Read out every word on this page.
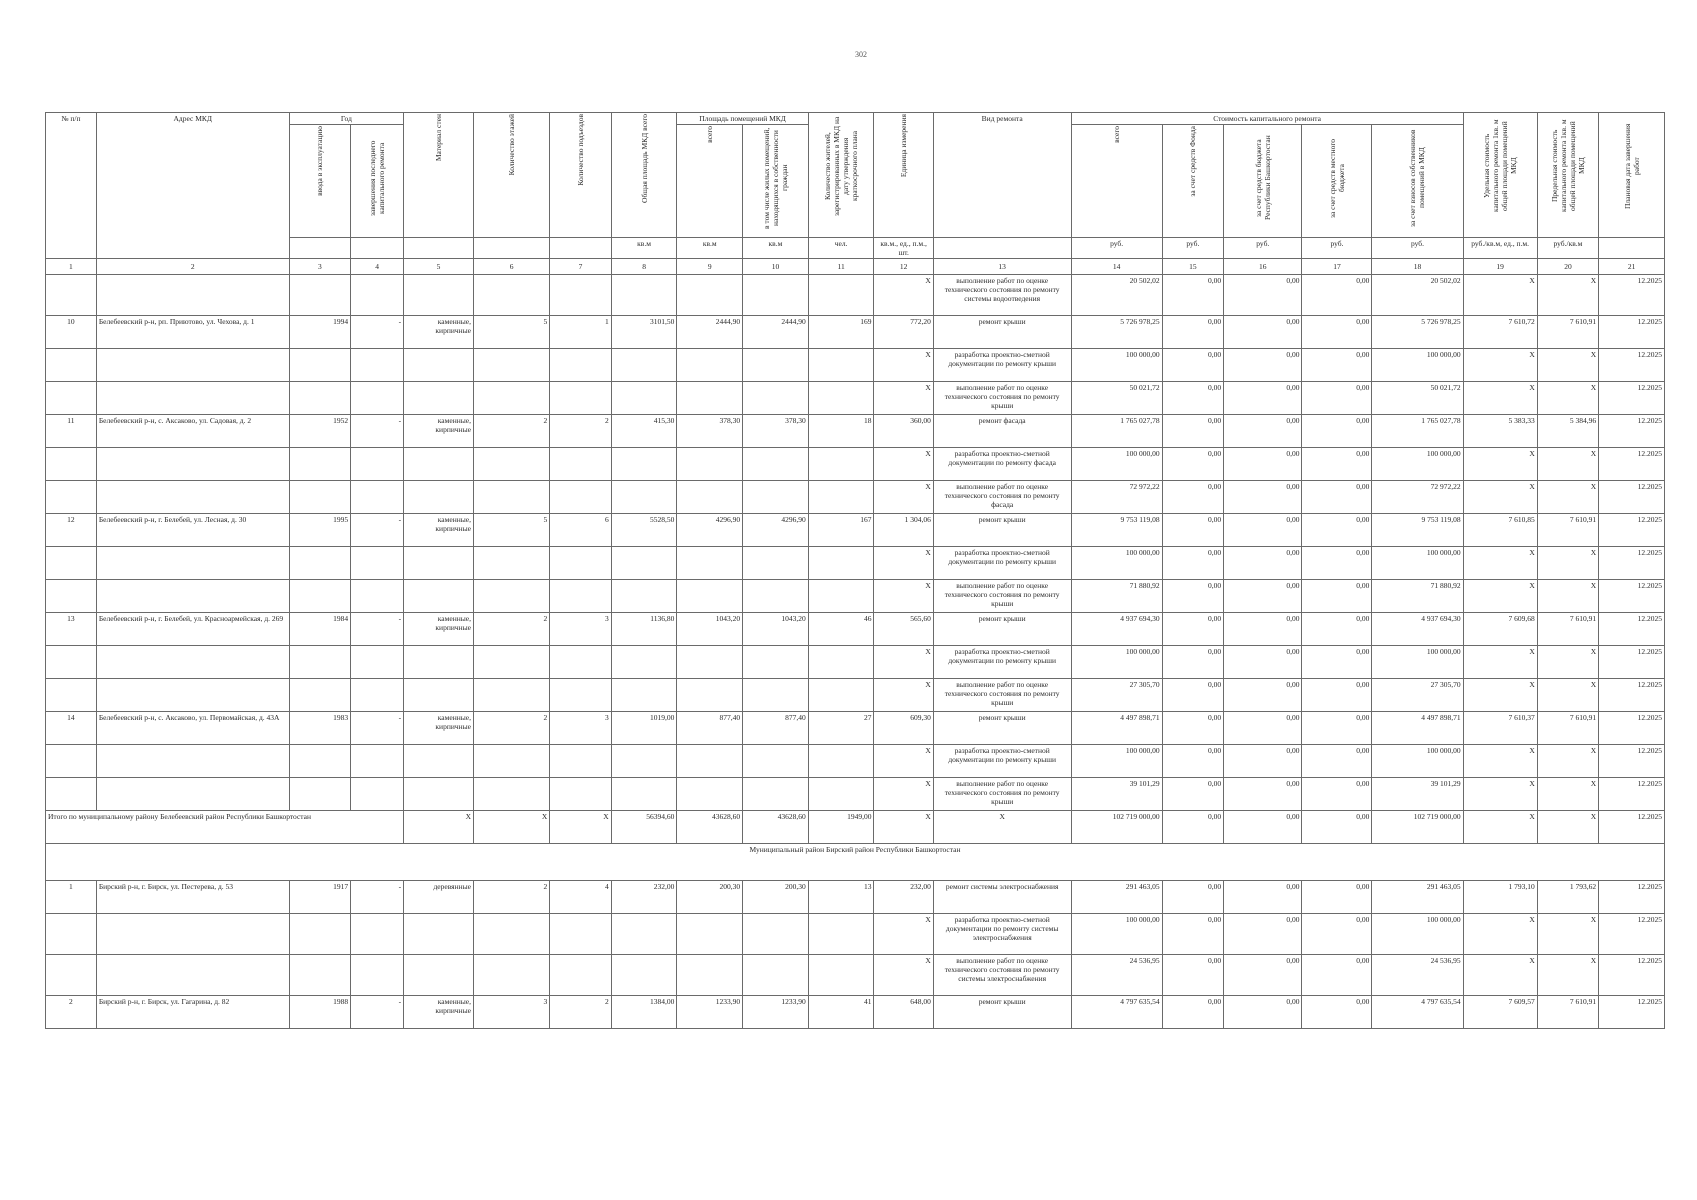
302
№ п/п	Адрес МКД	Год		Материал стен	Количество этажей	Количество подъездов	Общая площадь МКД всего	Площадь помещений МКД		Количество жителей, зарегистрированных в МКД на дату утверждения краткосрочного плана	Единица измерения	Вид ремонта	Стоимость капитального ремонта					Удельная стоимость капитального ремонта 1кв. м общей площади помещений МКД	Предельная стоимость капитального ремонта 1кв. м общей площади помещений МКД	Плановая дата завершения работ
		ввода в эксплуатацию	завершения последнего капитального ремонта					всего	в том числе жилых помещений, находящихся в собственности граждан				всего	за счет средств Фонда	за счет средств бюджета Республики Башкортостан	за счет средств местного бюджета	за счет взносов собственников помещений в МКД			
							кв.м	кв.м	кв.м	чел.	кв.м., ед., п.м., шт.		руб.	руб.	руб.	руб.	руб.	руб./кв.м, ед., п.м.	руб./кв.м	
1	2	3	4	5	6	7	8	9	10	11	12	13	14	15	16	17	18	19	20	21
											X	выполнение работ по оценке технического состояния по ремонту системы водоотведения	20 502,02	0,00	0,00	0,00	20 502,02	X	X	12.2025
10	Белебеевский р-н, рп. Приютово, ул. Чехова, д. 1	1994	-	каменные, кирпичные	5	1	3101,50	2444,90	2444,90	169	772,20	ремонт крыши	5 726 978,25	0,00	0,00	0,00	5 726 978,25	7 610,72	7 610,91	12.2025
											X	разработка проектно-сметной документации по ремонту крыши	100 000,00	0,00	0,00	0,00	100 000,00	X	X	12.2025
											X	выполнение работ по оценке технического состояния по ремонту крыши	50 021,72	0,00	0,00	0,00	50 021,72	X	X	12.2025
11	Белебеевский р-н, с. Аксаково, ул. Садовая, д. 2	1952	-	каменные, кирпичные	2	2	415,30	378,30	378,30	18	360,00	ремонт фасада	1 765 027,78	0,00	0,00	0,00	1 765 027,78	5 383,33	5 384,96	12.2025
											X	разработка проектно-сметной документации по ремонту фасада	100 000,00	0,00	0,00	0,00	100 000,00	X	X	12.2025
											X	выполнение работ по оценке технического состояния по ремонту фасада	72 972,22	0,00	0,00	0,00	72 972,22	X	X	12.2025
12	Белебеевский р-н, г. Белебей, ул. Лесная, д. 30	1995	-	каменные, кирпичные	5	6	5528,50	4296,90	4296,90	167	1 304,06	ремонт крыши	9 753 119,08	0,00	0,00	0,00	9 753 119,08	7 610,85	7 610,91	12.2025
											X	разработка проектно-сметной документации по ремонту крыши	100 000,00	0,00	0,00	0,00	100 000,00	X	X	12.2025
											X	выполнение работ по оценке технического состояния по ремонту крыши	71 880,92	0,00	0,00	0,00	71 880,92	X	X	12.2025
13	Белебеевский р-н, г. Белебей, ул. Красноармейская, д. 269	1984	-	каменные, кирпичные	2	3	1136,80	1043,20	1043,20	46	565,60	ремонт крыши	4 937 694,30	0,00	0,00	0,00	4 937 694,30	7 609,68	7 610,91	12.2025
											X	разработка проектно-сметной документации по ремонту крыши	100 000,00	0,00	0,00	0,00	100 000,00	X	X	12.2025
											X	выполнение работ по оценке технического состояния по ремонту крыши	27 305,70	0,00	0,00	0,00	27 305,70	X	X	12.2025
14	Белебеевский р-н, с. Аксаково, ул. Первомайская, д. 43А	1983	-	каменные, кирпичные	2	3	1019,00	877,40	877,40	27	609,30	ремонт крыши	4 497 898,71	0,00	0,00	0,00	4 497 898,71	7 610,37	7 610,91	12.2025
											X	разработка проектно-сметной документации по ремонту крыши	100 000,00	0,00	0,00	0,00	100 000,00	X	X	12.2025
											X	выполнение работ по оценке технического состояния по ремонту крыши	39 101,29	0,00	0,00	0,00	39 101,29	X	X	12.2025
Итого по муниципальному району Белебеевский район Республики Башкортостан				X	X	X	56394,60	43628,60	43628,60	1949,00	X	X	102 719 000,00	0,00	0,00	0,00	102 719 000,00	X	X	12.2025
Муниципальный район Бирский район Республики Башкортостан																				
1	Бирский р-н, г. Бирск, ул. Пестерева, д. 53	1917	-	деревянные	2	4	232,00	200,30	200,30	13	232,00	ремонт системы электроснабжения	291 463,05	0,00	0,00	0,00	291 463,05	1 793,10	1 793,62	12.2025
											X	разработка проектно-сметной документации по ремонту системы электроснабжения	100 000,00	0,00	0,00	0,00	100 000,00	X	X	12.2025
											X	выполнение работ по оценке технического состояния по ремонту системы электроснабжения	24 536,95	0,00	0,00	0,00	24 536,95	X	X	12.2025
2	Бирский р-н, г. Бирск, ул. Гагарина, д. 82	1988	-	каменные, кирпичные	3	2	1384,00	1233,90	1233,90	41	648,00	ремонт крыши	4 797 635,54	0,00	0,00	0,00	4 797 635,54	7 609,57	7 610,91	12.2025
